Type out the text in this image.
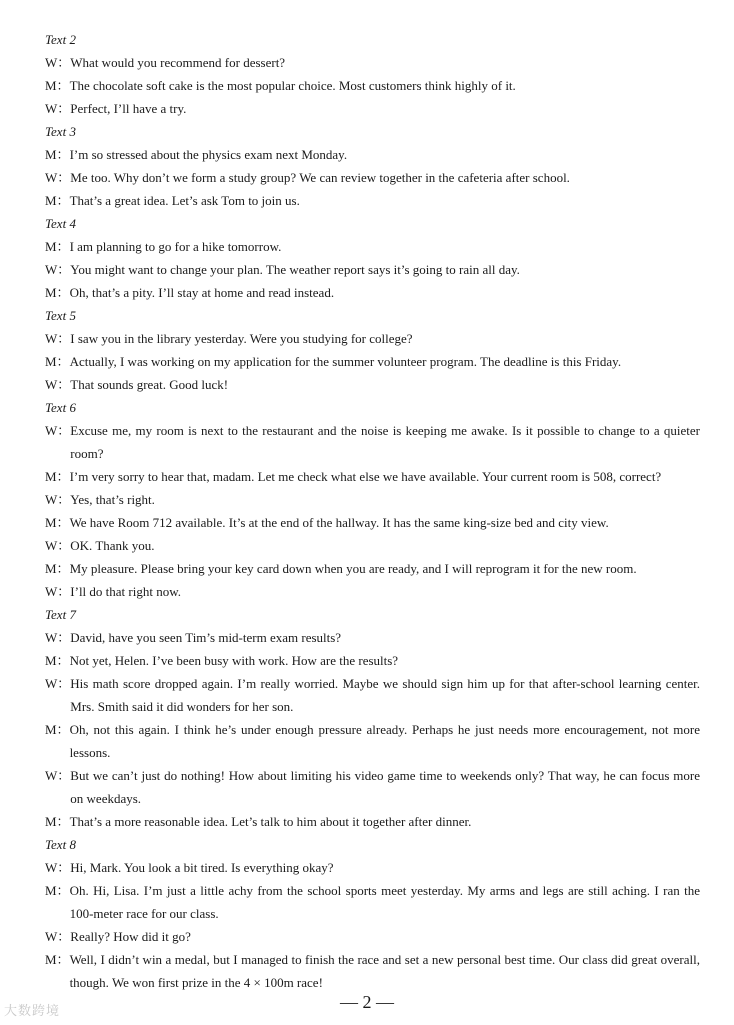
Text 2
W： What would you recommend for dessert?
M： The chocolate soft cake is the most popular choice. Most customers think highly of it.
W： Perfect, I’ll have a try.
Text 3
M： I’m so stressed about the physics exam next Monday.
W： Me too. Why don’t we form a study group? We can review together in the cafeteria after school.
M： That’s a great idea. Let’s ask Tom to join us.
Text 4
M： I am planning to go for a hike tomorrow.
W： You might want to change your plan. The weather report says it’s going to rain all day.
M： Oh, that’s a pity. I’ll stay at home and read instead.
Text 5
W： I saw you in the library yesterday. Were you studying for college?
M： Actually, I was working on my application for the summer volunteer program. The deadline is this Friday.
W： That sounds great. Good luck!
Text 6
W： Excuse me, my room is next to the restaurant and the noise is keeping me awake. Is it possible to change to a quieter room?
M： I’m very sorry to hear that, madam. Let me check what else we have available. Your current room is 508, correct?
W： Yes, that’s right.
M： We have Room 712 available. It’s at the end of the hallway. It has the same king-size bed and city view.
W： OK. Thank you.
M： My pleasure. Please bring your key card down when you are ready, and I will reprogram it for the new room.
W： I’ll do that right now.
Text 7
W： David, have you seen Tim’s mid-term exam results?
M： Not yet, Helen. I’ve been busy with work. How are the results?
W： His math score dropped again. I’m really worried. Maybe we should sign him up for that after-school learning center. Mrs. Smith said it did wonders for her son.
M： Oh, not this again. I think he’s under enough pressure already. Perhaps he just needs more encouragement, not more lessons.
W： But we can’t just do nothing! How about limiting his video game time to weekends only? That way, he can focus more on weekdays.
M： That’s a more reasonable idea. Let’s talk to him about it together after dinner.
Text 8
W： Hi, Mark. You look a bit tired. Is everything okay?
M： Oh. Hi, Lisa. I’m just a little achy from the school sports meet yesterday. My arms and legs are still aching. I ran the 100-meter race for our class.
W： Really? How did it go?
M： Well, I didn’t win a medal, but I managed to finish the race and set a new personal best time. Our class did great overall, though. We won first prize in the 4 × 100m race!
— 2 —
大数跨境
